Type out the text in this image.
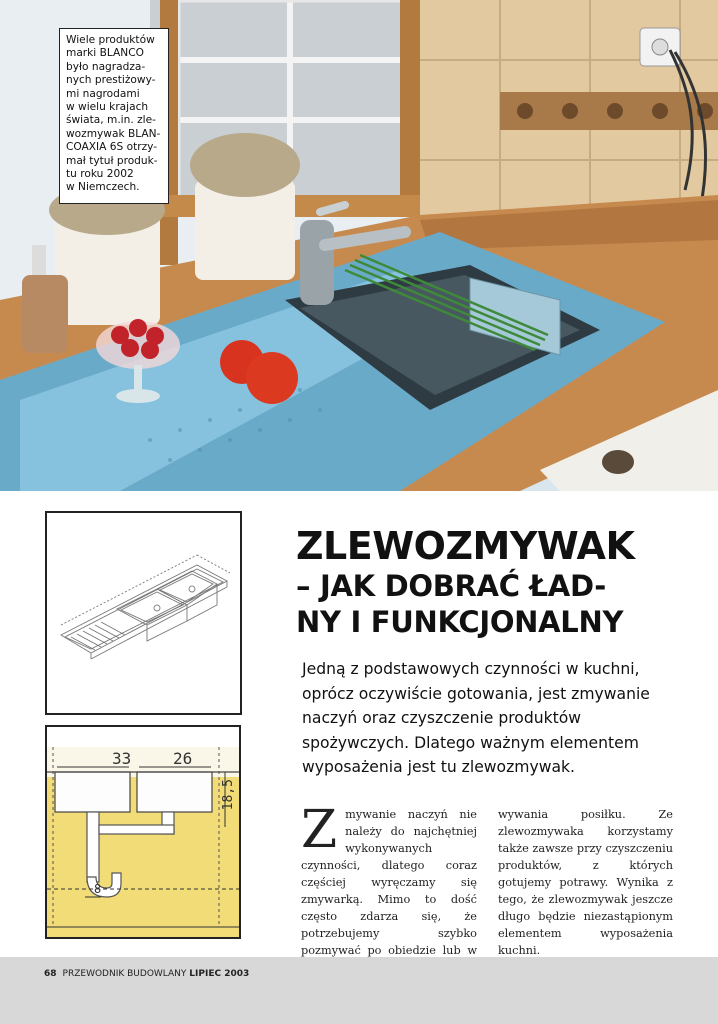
Wiele produktów
marki BLANCO
było nagradza-
nych prestiżowy-
mi nagrodami
w wielu krajach
świata, m.in. zle-
wozmywak BLAN-
COAXIA 6S otrzy-
mał tytuł produk-
tu roku 2002
w Niemczech.

33	26
18,5
8
ZLEWOZMYWAK
– JAK DOBRAĆ ŁAD-
NY I FUNKCJONALNY

Jedną z podstawowych czynności w kuchni, oprócz oczywiście gotowania, jest zmywanie naczyń oraz czyszczenie produktów spożywczych. Dlatego ważnym elementem wyposażenia jest tu zlewozmywak.

Z mywanie naczyń nie należy do najchętniej wykonywanych czynności, dlatego coraz częściej wyręczamy się zmywarką. Mimo to dość często zdarza się, że potrzebujemy szybko pozmywać po obiedzie lub w
wywania posiłku. Ze zlewozmywaka korzystamy także zawsze przy czyszczeniu produktów, z których gotujemy potrawy. Wynika z tego, że zlewozmywak jeszcze długo będzie niezastąpionym elementem wyposażenia kuchni.
68 PRZEWODNIK BUDOWLANY LIPIEC 2003
